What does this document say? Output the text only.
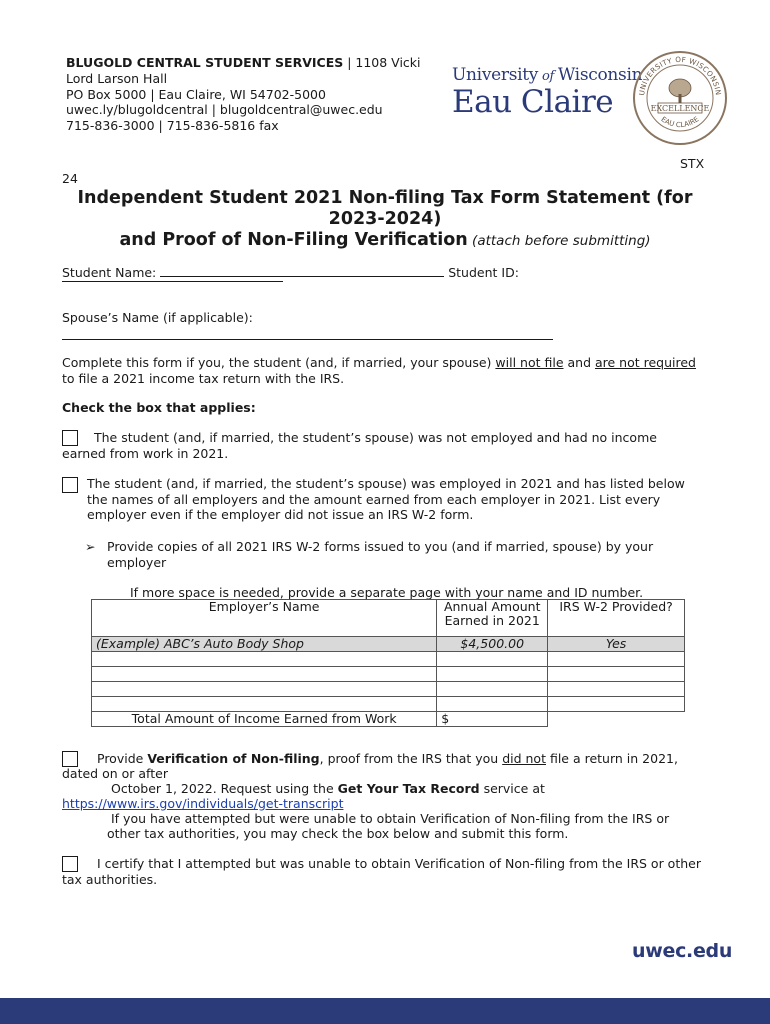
BLUGOLD CENTRAL STUDENT SERVICES | 1108 Vicki
Lord Larson Hall
PO Box 5000 | Eau Claire, WI 54702-5000
uwec.ly/blugoldcentral | blugoldcentral@uwec.edu
715-836-3000 | 715-836-5816 fax
University of Wisconsin
Eau Claire	UNIVERSITY OF WISCONSIN
EAU CLAIRE
EXCELLENCE
STX
24
Independent Student 2021 Non-filing Tax Form Statement (for
2023-2024)
and Proof of Non-Filing Verification (attach before submitting)
Student Name:	Student ID:
Spouse’s Name (if applicable):
Complete this form if you, the student (and, if married, your spouse) will not file and are not required
to file a 2021 income tax return with the IRS.
Check the box that applies:
The student (and, if married, the student’s spouse) was not employed and had no income
earned from work in 2021.
The student (and, if married, the student’s spouse) was employed in 2021 and has listed below
the names of all employers and the amount earned from each employer in 2021. List every
employer even if the employer did not issue an IRS W-2 form.
➢ Provide copies of all 2021 IRS W-2 forms issued to you (and if married, spouse) by your
employer
If more space is needed, provide a separate page with your name and ID number.
Employer’s Name	Annual Amount Earned in 2021	IRS W-2 Provided?
(Example) ABC’s Auto Body Shop	$4,500.00	Yes

Total Amount of Income Earned from Work	$	
Provide Verification of Non-filing, proof from the IRS that you did not file a return in 2021,
dated on or after
October 1, 2022. Request using the Get Your Tax Record service at
https://www.irs.gov/individuals/get-transcript
If you have attempted but were unable to obtain Verification of Non-filing from the IRS or
other tax authorities, you may check the box below and submit this form.
I certify that I attempted but was unable to obtain Verification of Non-filing from the IRS or other
tax authorities.
uwec.edu
